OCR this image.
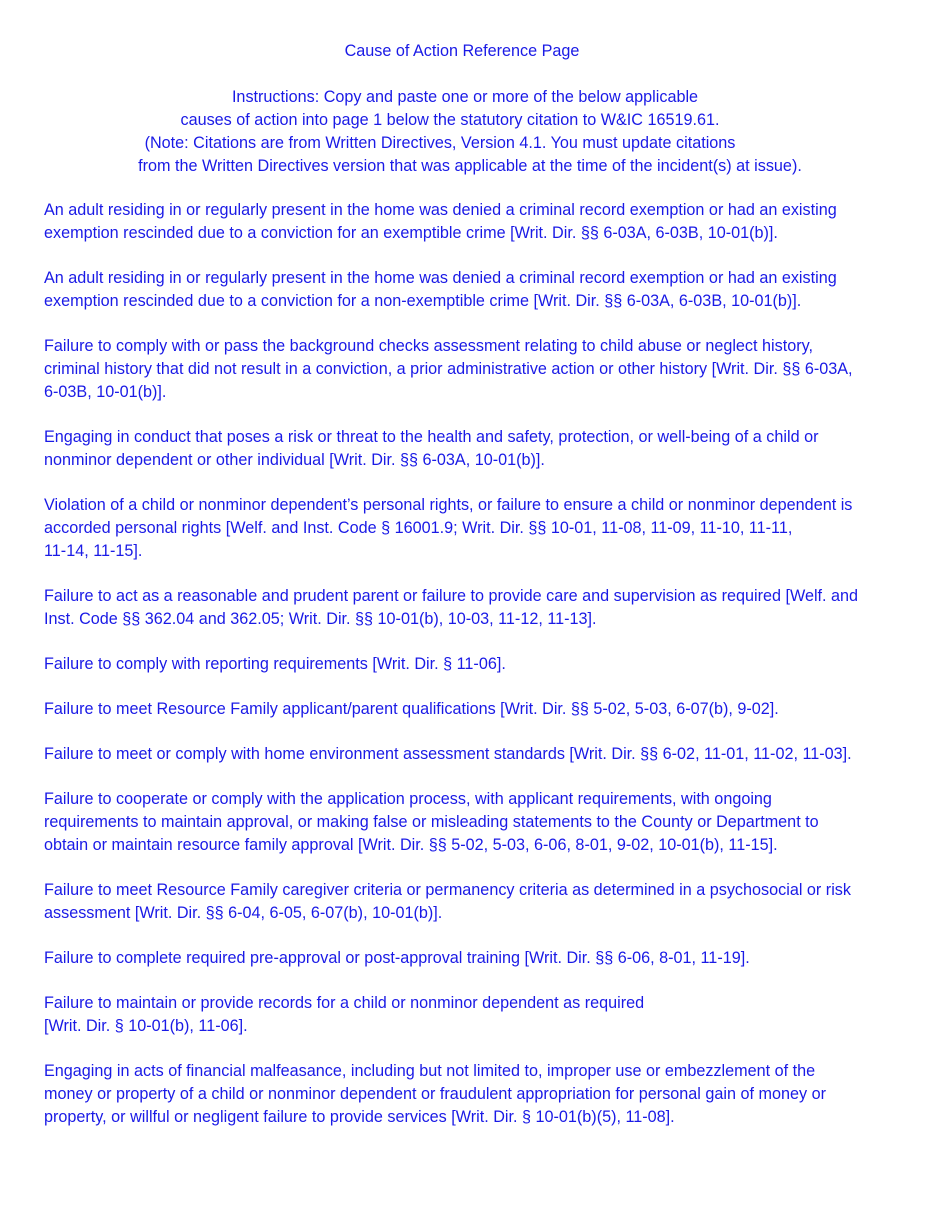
Cause of Action Reference Page
Instructions: Copy and paste one or more of the below applicable
causes of action into page 1 below the statutory citation to W&IC 16519.61.
(Note: Citations are from Written Directives, Version 4.1. You must update citations
from the Written Directives version that was applicable at the time of the incident(s) at issue).
An adult residing in or regularly present in the home was denied a criminal record exemption or had an existing
exemption rescinded due to a conviction for an exemptible crime [Writ. Dir. §§ 6-03A, 6-03B, 10-01(b)].
An adult residing in or regularly present in the home was denied a criminal record exemption or had an existing
exemption rescinded due to a conviction for a non-exemptible crime [Writ. Dir. §§ 6-03A, 6-03B, 10-01(b)].
Failure to comply with or pass the background checks assessment relating to child abuse or neglect history,
criminal history that did not result in a conviction, a prior administrative action or other history [Writ. Dir. §§ 6-03A,
6-03B, 10-01(b)].
Engaging in conduct that poses a risk or threat to the health and safety, protection, or well-being of a child or
nonminor dependent or other individual [Writ. Dir. §§ 6-03A, 10-01(b)].
Violation of a child or nonminor dependent’s personal rights, or failure to ensure a child or nonminor dependent is
accorded personal rights [Welf. and Inst. Code § 16001.9; Writ. Dir. §§ 10-01, 11-08, 11-09, 11-10, 11-11,
11-14, 11-15].
Failure to act as a reasonable and prudent parent or failure to provide care and supervision as required [Welf. and
Inst. Code §§ 362.04 and 362.05; Writ. Dir. §§ 10-01(b), 10-03, 11-12, 11-13].
Failure to comply with reporting requirements [Writ. Dir. § 11-06].
Failure to meet Resource Family applicant/parent qualifications [Writ. Dir. §§ 5-02, 5-03, 6-07(b), 9-02].
Failure to meet or comply with home environment assessment standards [Writ. Dir. §§ 6-02, 11-01, 11-02, 11-03].
Failure to cooperate or comply with the application process, with applicant requirements, with ongoing
requirements to maintain approval, or making false or misleading statements to the County or Department to
obtain or maintain resource family approval [Writ. Dir. §§ 5-02, 5-03, 6-06, 8-01, 9-02, 10-01(b), 11-15].
Failure to meet Resource Family caregiver criteria or permanency criteria as determined in a psychosocial or risk
assessment [Writ. Dir. §§ 6-04, 6-05, 6-07(b), 10-01(b)].
Failure to complete required pre-approval or post-approval training [Writ. Dir. §§ 6-06, 8-01, 11-19].
Failure to maintain or provide records for a child or nonminor dependent as required
[Writ. Dir. § 10-01(b), 11-06].
Engaging in acts of financial malfeasance, including but not limited to, improper use or embezzlement of the
money or property of a child or nonminor dependent or fraudulent appropriation for personal gain of money or
property, or willful or negligent failure to provide services [Writ. Dir. § 10-01(b)(5), 11-08].
